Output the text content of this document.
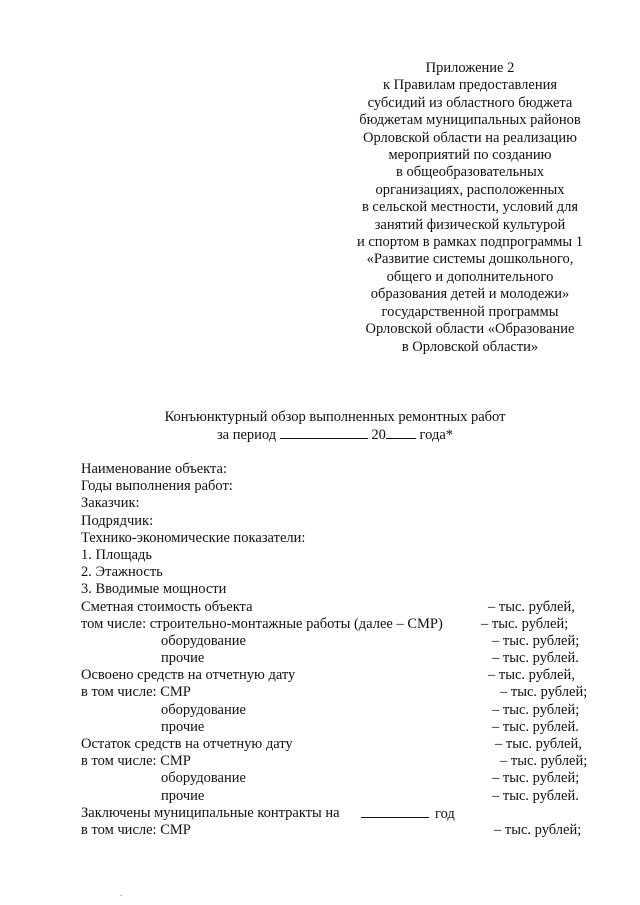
Приложение 2
к Правилам предоставления
субсидий из областного бюджета
бюджетам муниципальных районов
Орловской области на реализацию
мероприятий по созданию
в общеобразовательных
организациях, расположенных
в сельской местности, условий для
занятий физической культурой
и спортом в рамках подпрограммы 1
«Развитие системы дошкольного,
общего и дополнительного
образования детей и молодежи»
государственной программы
Орловской области «Образование
в Орловской области»
Конъюнктурный обзор выполненных ремонтных работ
за период	20 года*
Наименование объекта:
Годы выполнения работ:
Заказчик:
Подрядчик:
Технико-экономические показатели:
1. Площадь
2. Этажность
3. Вводимые мощности
Сметная стоимость объекта	– тыс. рублей,
том числе: строительно-монтажные работы (далее – СМР)	– тыс. рублей;
оборудование	– тыс. рублей;
прочие	– тыс. рублей.
Освоено средств на отчетную дату	– тыс. рублей,
в том числе: СМР	– тыс. рублей;
оборудование	– тыс. рублей;
прочие	– тыс. рублей.
Остаток средств на отчетную дату	– тыс. рублей,
в том числе: СМР	– тыс. рублей;
оборудование	– тыс. рублей;
прочие	– тыс. рублей.
Заключены муниципальные контракты на	год
в том числе: СМР	– тыс. рублей;
